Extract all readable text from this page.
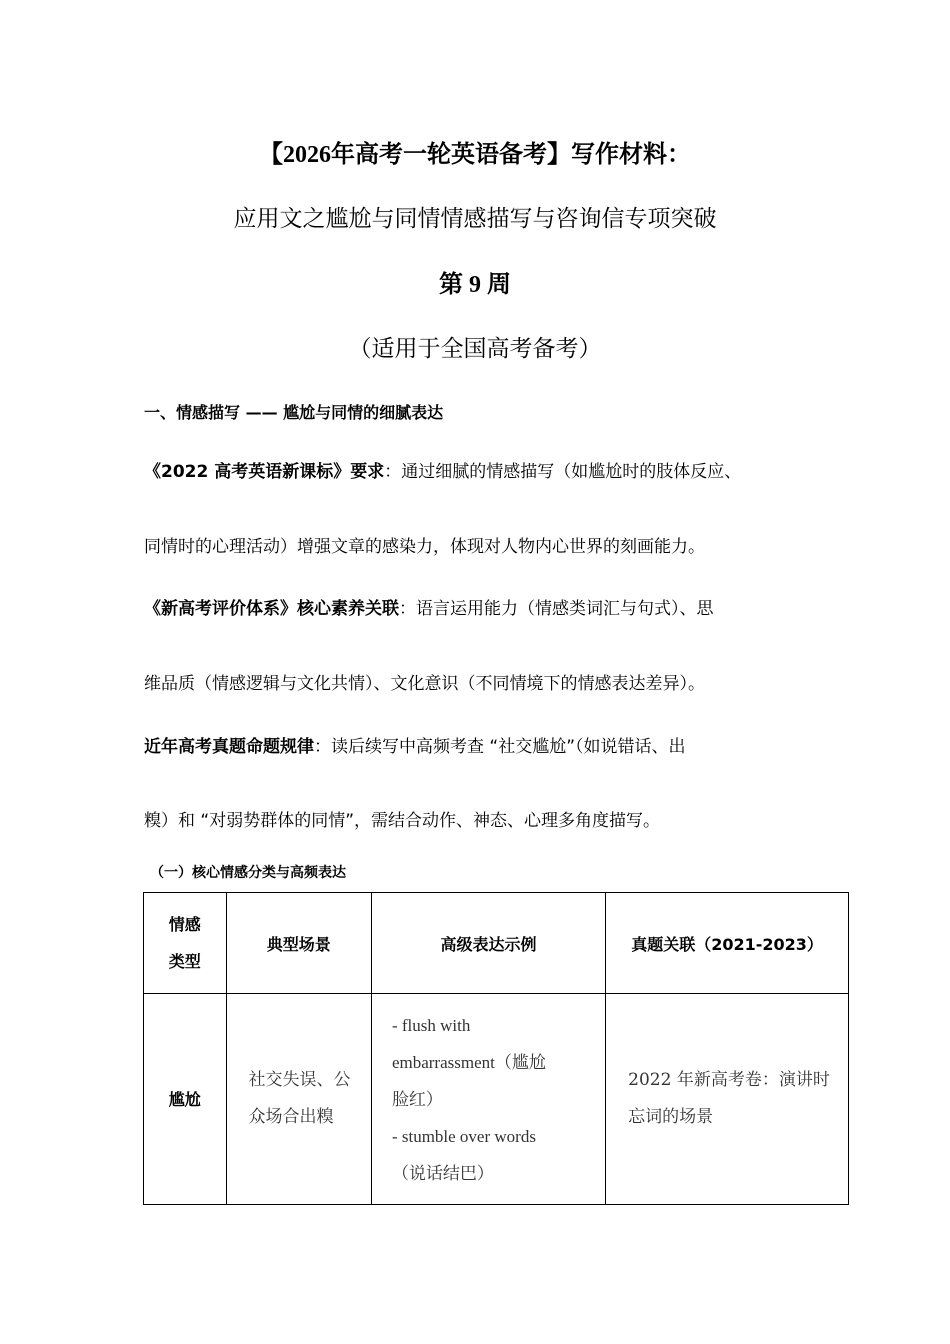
【2026年高考一轮英语备考】写作材料：
应用文之尴尬与同情情感描写与咨询信专项突破
第 9 周
（适用于全国高考备考）
一、情感描写 —— 尴尬与同情的细腻表达
《2022 高考英语新课标》要求：通过细腻的情感描写（如尴尬时的肢体反应、
同情时的心理活动）增强文章的感染力，体现对人物内心世界的刻画能力。
《新高考评价体系》核心素养关联：语言运用能力（情感类词汇与句式）、思
维品质（情感逻辑与文化共情）、文化意识（不同情境下的情感表达差异）。
近年高考真题命题规律：读后续写中高频考查 “社交尴尬”（如说错话、出
糗）和 “对弱势群体的同情”，需结合动作、神态、心理多角度描写。
（一）核心情感分类与高频表达
情感
类型	典型场景	高级表达示例	真题关联（2021-2023）
尴尬	社交失误、公众场合出糗	- flush with
embarrassment（尴尬
脸红）
- stumble over words
（说话结巴）	2022 年新高考卷：演讲时忘词的场景
